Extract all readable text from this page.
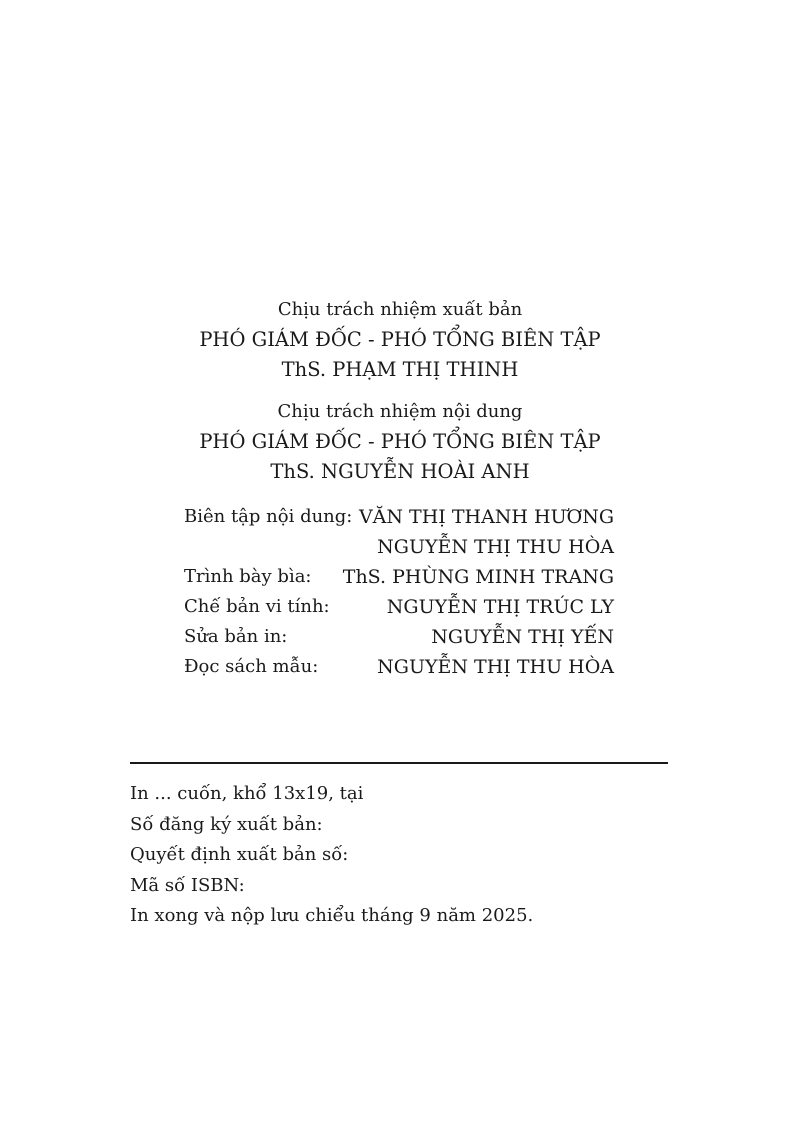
Chịu trách nhiệm xuất bản
PHÓ GIÁM ĐỐC - PHÓ TỔNG BIÊN TẬP
ThS. PHẠM THỊ THINH
Chịu trách nhiệm nội dung
PHÓ GIÁM ĐỐC - PHÓ TỔNG BIÊN TẬP
ThS. NGUYỄN HOÀI ANH
Biên tập nội dung: VĂN THỊ THANH HƯƠNG
NGUYỄN THỊ THU HÒA
Trình bày bìa: ThS. PHÙNG MINH TRANG
Chế bản vi tính:	NGUYỄN THỊ TRÚC LY
Sửa bản in:	NGUYỄN THỊ YẾN
Đọc sách mẫu:	NGUYỄN THỊ THU HÒA
In ... cuốn, khổ 13x19, tại
Số đăng ký xuất bản:
Quyết định xuất bản số:
Mã số ISBN:
In xong và nộp lưu chiểu tháng 9 năm 2025.
